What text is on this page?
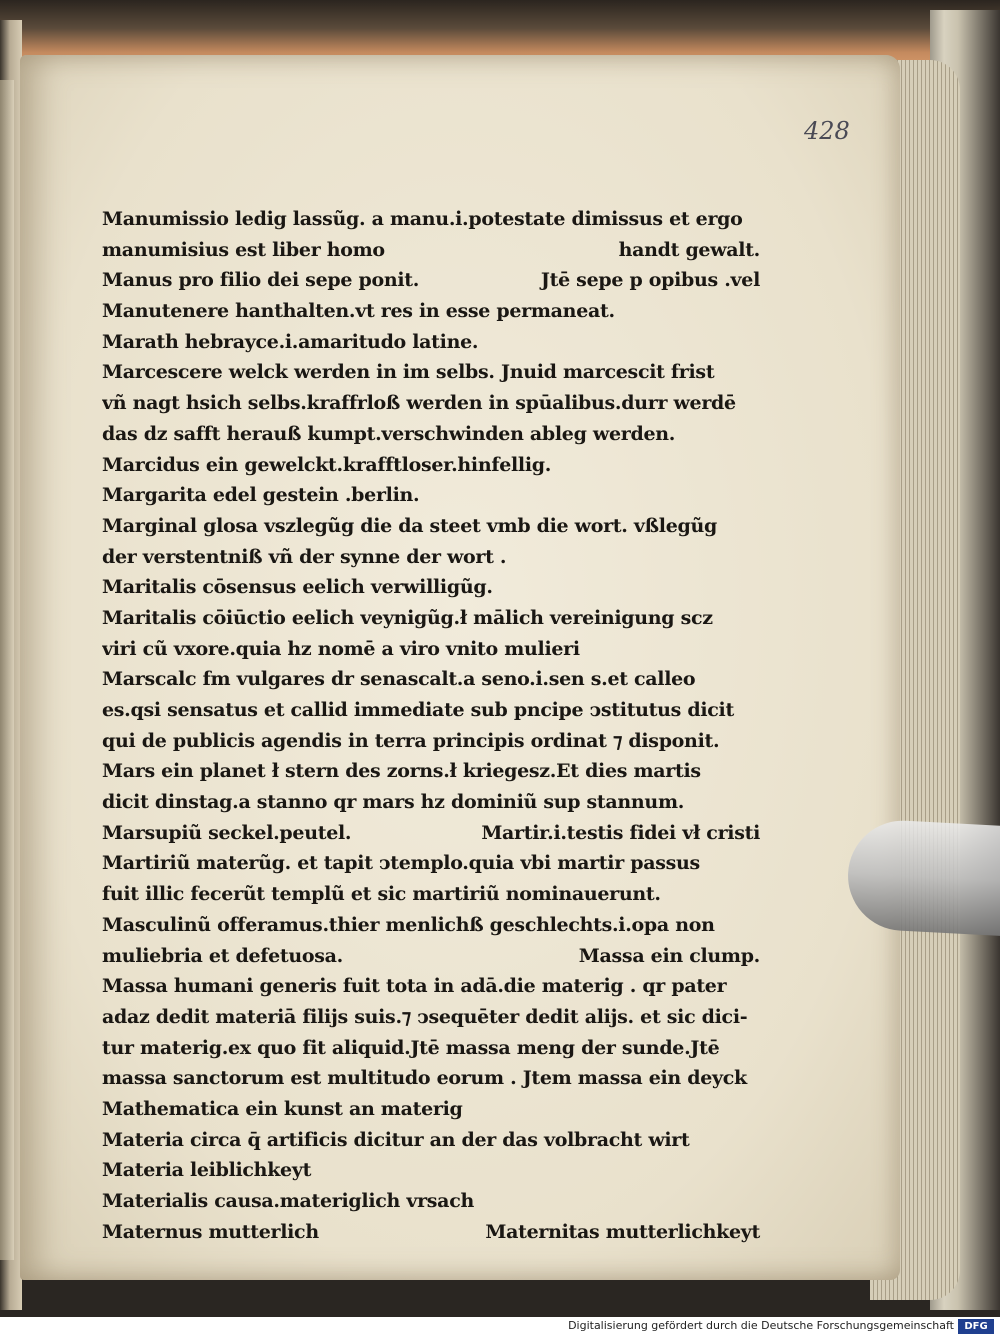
428
Manumissio ledig lassũg. a manu.i.potestate dimissus et ergo
manumisius est liber homo	handt gewalt.
Manus pro filio dei sepe ponit.	Jtē sepe p opibus .vel
Manutenere hanthalten.vt res in esse permaneat.
Marath hebrayce.i.amaritudo latine.
Marcescere welck werden in im selbs. Jnuid marcescit frist
vñ nagt hsich selbs.kraffrloß werden in spūalibus.durr werdē
das dz safft herauß kumpt.verschwinden ableg werden.
Marcidus ein gewelckt.krafftloser.hinfellig.
Margarita edel gestein .berlin.
Marginal glosa vszlegũg die da steet vmb die wort. vßlegũg
der verstentniß vñ der synne der wort .
Maritalis cōsensus eelich verwilligũg.
Maritalis cōiūctio eelich veynigũg.ł mālich vereinigung scz
viri cũ vxore.quia hz nomē a viro vnito mulieri
Marscalc fm vulgares dr senascalt.a seno.i.sen s.et calleo
es.qsi sensatus et callid immediate sub pncipe ↄstitutus dicit
qui de publicis agendis in terra principis ordinat ⁊ disponit.
Mars ein planet ł stern des zorns.ł kriegesz.Et dies martis
dicit dinstag.a stanno qr mars hz dominiũ sup stannum.
Marsupiũ seckel.peutel.	Martir.i.testis fidei vł cristi
Martiriũ materũg. et tapit ↄtemplo.quia vbi martir passus
fuit illic fecerũt templũ et sic martiriũ nominauerunt.
Masculinũ offeramus.thier menlichß geschlechts.i.opa non
muliebria et defetuosa.	Massa ein clump.
Massa humani generis fuit tota in adā.die materig . qr pater
adaz dedit materiā filijs suis.⁊ ↄsequēter dedit alijs. et sic dici-
tur materig.ex quo fit aliquid.Jtē massa meng der sunde.Jtē
massa sanctorum est multitudo eorum . Jtem massa ein deyck
Mathematica ein kunst an materig
Materia circa q̄ artificis dicitur an der das volbracht wirt
Materia leiblichkeyt
Materialis causa.materiglich vrsach
Maternus mutterlich	Maternitas mutterlichkeyt
Digitalisierung gefördert durch die Deutsche Forschungsgemeinschaft	DFG
